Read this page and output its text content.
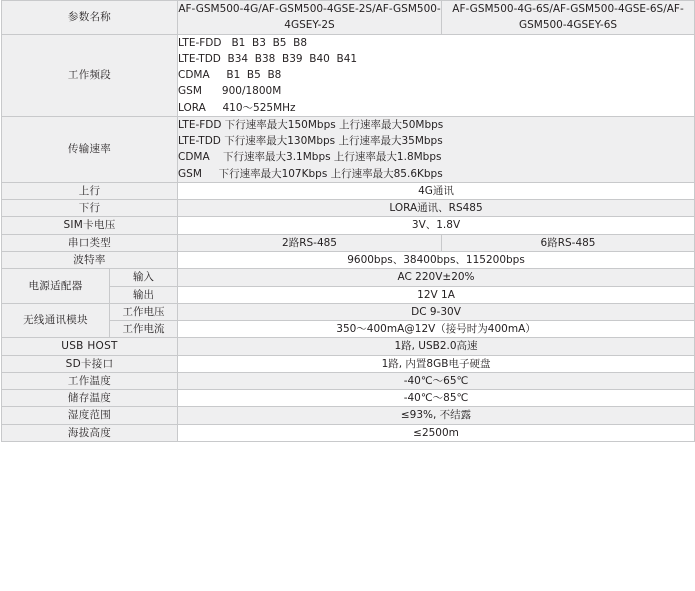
参数名称		AF-GSM500-4G/AF-GSM500-4GSE-2S/AF-GSM500-4GSEY-2S	AF-GSM500-4G-6S/AF-GSM500-4GSE-6S/AF-GSM500-4GSEY-6S
工作频段		LTE-FDD   B1  B3  B5  B8
LTE-TDD  B34  B38  B39  B40  B41
CDMA     B1  B5  B8
GSM      900/1800M
LORA     410～525MHz	

传输速率		LTE-FDD 下行速率最大150Mbps 上行速率最大50Mbps
LTE-TDD 下行速率最大130Mbps 上行速率最大35Mbps
CDMA    下行速率最大3.1Mbps 上行速率最大1.8Mbps
GSM     下行速率最大107Kbps 上行速率最大85.6Kbps	

上行		4G通讯	
下行		LORA通讯、RS485	
SIM卡电压		3V、1.8V	
串口类型		2路RS-485	6路RS-485
波特率		9600bps、38400bps、115200bps	
电源适配器	输入	AC 220V±20%	
	输出	12V 1A	
无线通讯模块	工作电压	DC 9-30V	
	工作电流	350～400mA@12V（接号时为400mA）	
USB HOST		1路, USB2.0高速	
SD卡接口		1路, 内置8GB电子硬盘	
工作温度		-40℃～65℃	
储存温度		-40℃～85℃	
湿度范围		≤93%, 不结露	
海拔高度		≤2500m	
